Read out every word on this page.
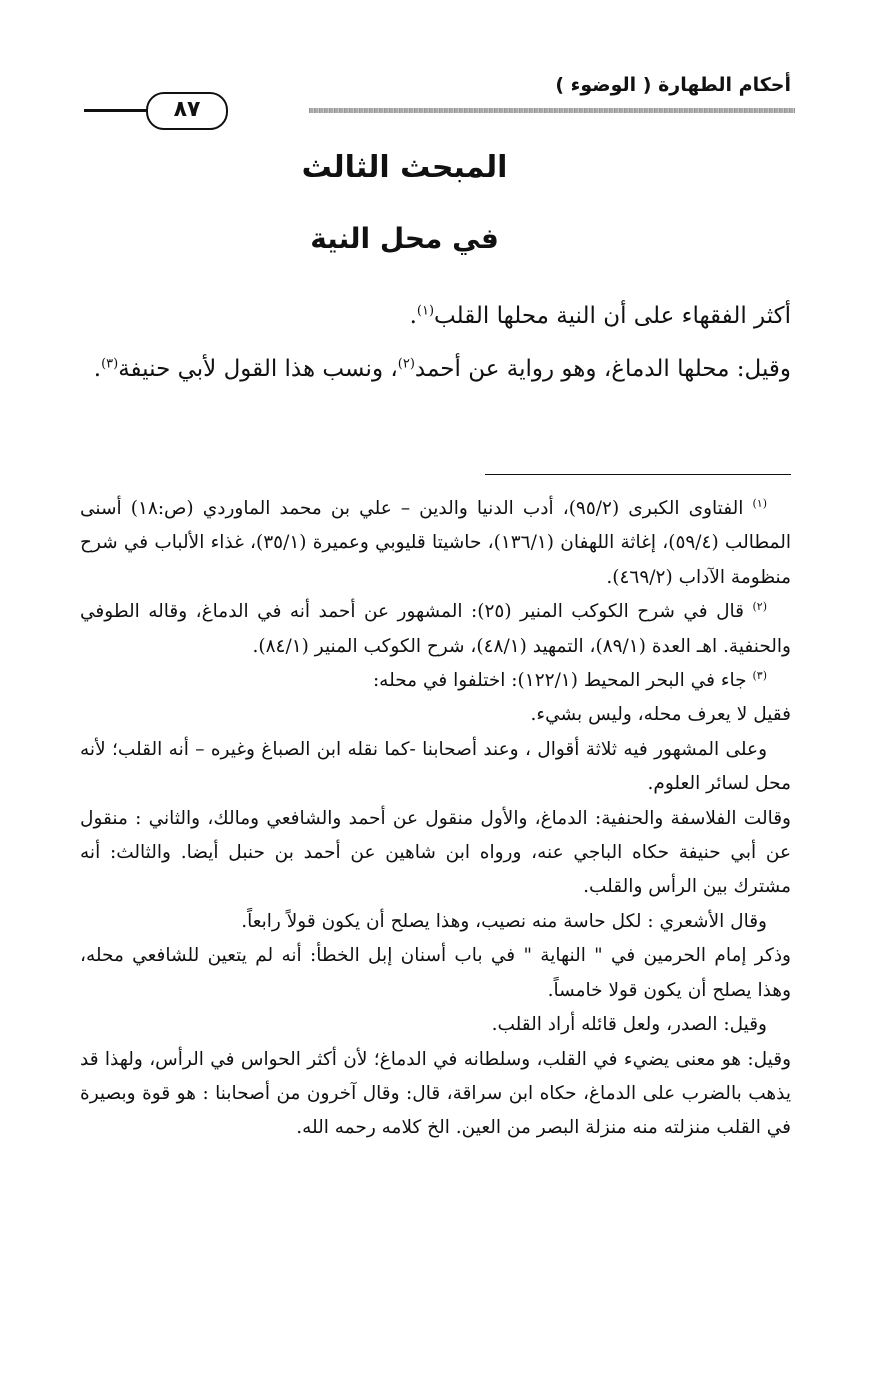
أحكام الطهارة ( الوضوء )
٨٧
المبحث الثالث
في محل النية
أكثر الفقهاء على أن النية محلها القلب$^{(١)}$.
وقيل: محلها الدماغ، وهو رواية عن أحمد$^{(٢)}$، ونسب هذا القول لأبي حنيفة$^{(٣)}$.

$^{(١)}$ الفتاوى الكبرى (٩٥/٢)، أدب الدنيا والدين – علي بن محمد الماوردي (ص:١٨) أسنى المطالب (٥٩/٤)، إغاثة اللهفان (١٣٦/١)، حاشيتا قليوبي وعميرة (٣٥/١)، غذاء الألباب في شرح منظومة الآداب (٤٦٩/٢).

$^{(٢)}$ قال في شرح الكوكب المنير (٢٥): المشهور عن أحمد أنه في الدماغ، وقاله الطوفي والحنفية. اهـ العدة (٨٩/١)، التمهيد (٤٨/١)، شرح الكوكب المنير (٨٤/١).

$^{(٣)}$ جاء في البحر المحيط (١٢٢/١): اختلفوا في محله:

فقيل لا يعرف محله، وليس بشيء.

وعلى المشهور فيه ثلاثة أقوال ، وعند أصحابنا -كما نقله ابن الصباغ وغيره – أنه القلب؛ لأنه محل لسائر العلوم.

وقالت الفلاسفة والحنفية: الدماغ، والأول منقول عن أحمد والشافعي ومالك، والثاني : منقول عن أبي حنيفة حكاه الباجي عنه، ورواه ابن شاهين عن أحمد بن حنبل أيضا. والثالث: أنه مشترك بين الرأس والقلب.

وقال الأشعري : لكل حاسة منه نصيب، وهذا يصلح أن يكون قولاً رابعاً.

وذكر إمام الحرمين في " النهاية " في باب أسنان إبل الخطأ: أنه لم يتعين للشافعي محله، وهذا يصلح أن يكون قولا خامساً.

وقيل: الصدر، ولعل قائله أراد القلب.

وقيل: هو معنى يضيء في القلب، وسلطانه في الدماغ؛ لأن أكثر الحواس في الرأس، ولهذا قد يذهب بالضرب على الدماغ، حكاه ابن سراقة، قال: وقال آخرون من أصحابنا : هو قوة وبصيرة في القلب منزلته منه منزلة البصر من العين. الخ كلامه رحمه الله.
